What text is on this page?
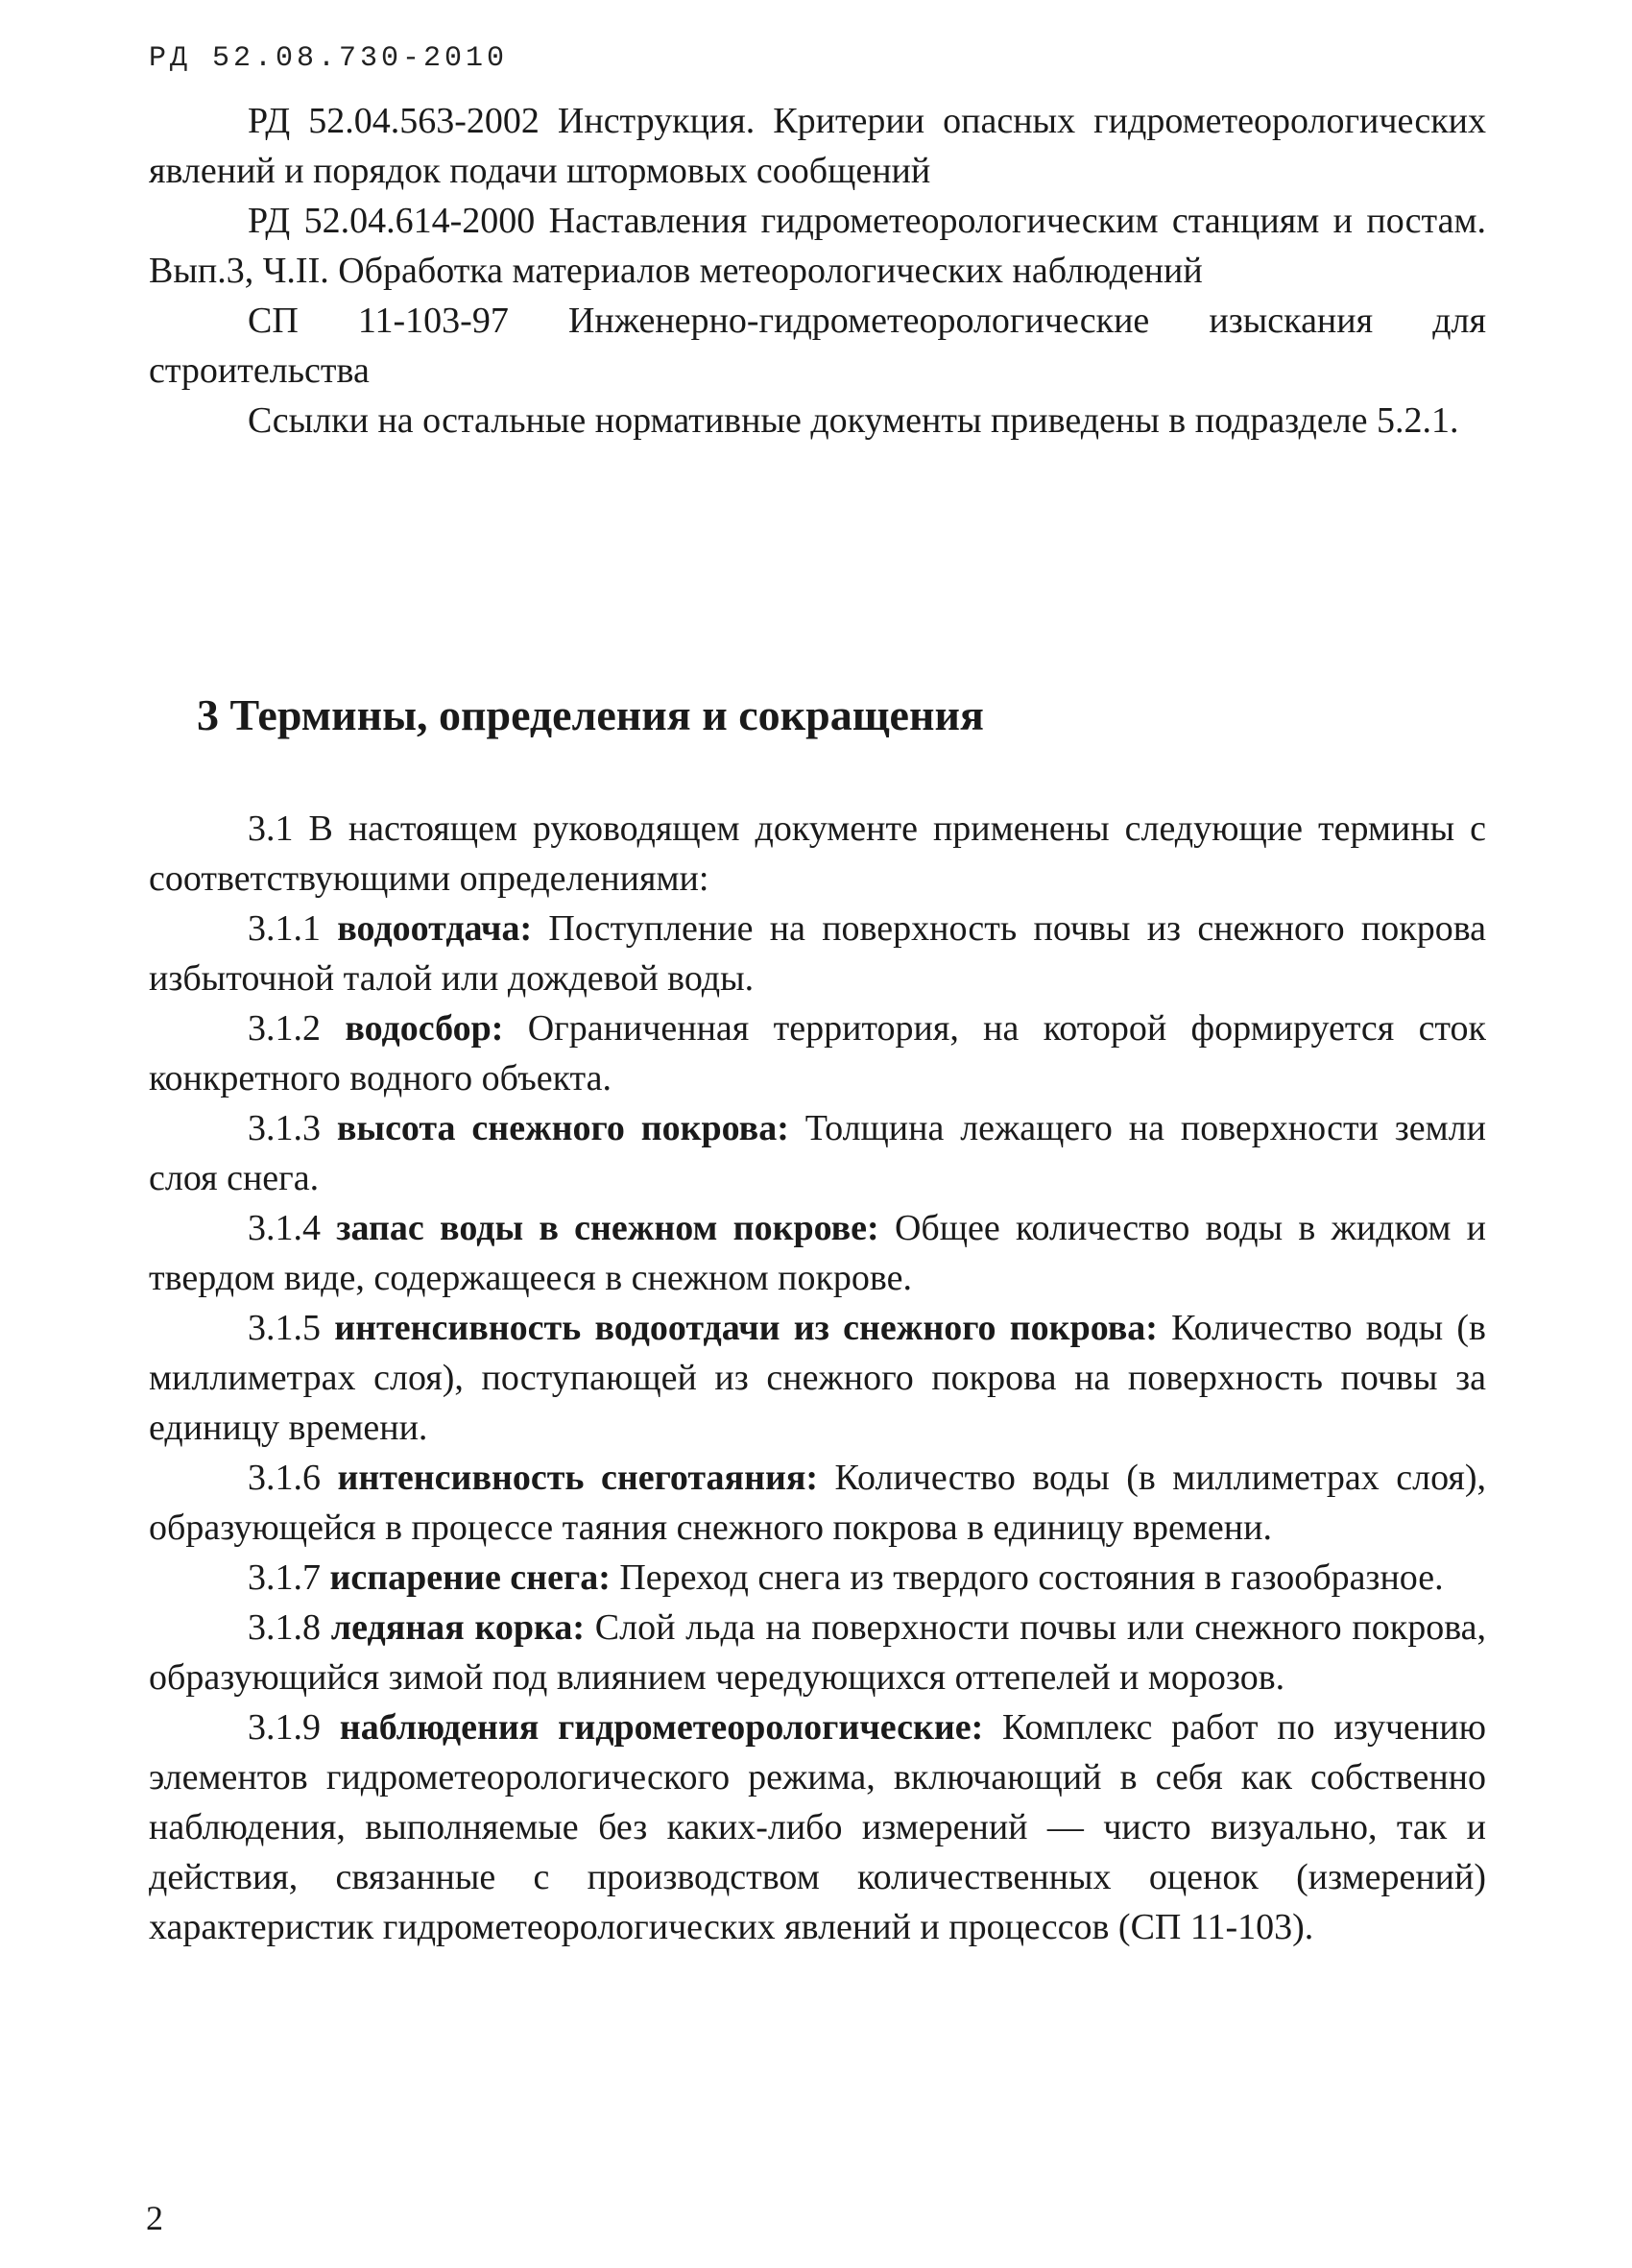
РД 52.08.730-2010

РД 52.04.563-2002 Инструкция. Критерии опасных гидрометеорологических явлений и порядок подачи штормовых сообщений

РД 52.04.614-2000 Наставления гидрометеорологическим станциям и постам. Вып.3, Ч.II. Обработка материалов метеорологических наблюдений

СП 11-103-97 Инженерно-гидрометеорологические изыскания для строительства

Ссылки на остальные нормативные документы приведены в подразделе 5.2.1.

3 Термины, определения и сокращения

3.1 В настоящем руководящем документе применены следующие термины с соответствующими определениями:

3.1.1 водоотдача: Поступление на поверхность почвы из снежного покрова избыточной талой или дождевой воды.

3.1.2 водосбор: Ограниченная территория, на которой формируется сток конкретного водного объекта.

3.1.3 высота снежного покрова: Толщина лежащего на поверхности земли слоя снега.

3.1.4 запас воды в снежном покрове: Общее количество воды в жидком и твердом виде, содержащееся в снежном покрове.

3.1.5 интенсивность водоотдачи из снежного покрова: Количество воды (в миллиметрах слоя), поступающей из снежного покрова на поверхность почвы за единицу времени.

3.1.6 интенсивность снеготаяния: Количество воды (в миллиметрах слоя), образующейся в процессе таяния снежного покрова в единицу времени.

3.1.7 испарение снега: Переход снега из твердого состояния в газообразное.

3.1.8 ледяная корка: Слой льда на поверхности почвы или снежного покрова, образующийся зимой под влиянием чередующихся оттепелей и морозов.

3.1.9 наблюдения гидрометеорологические: Комплекс работ по изучению элементов гидрометеорологического режима, включающий в себя как собственно наблюдения, выполняемые без каких-либо измерений — чисто визуально, так и действия, связанные с производством количественных оценок (измерений) характеристик гидрометеорологических явлений и процессов (СП 11-103).

2
